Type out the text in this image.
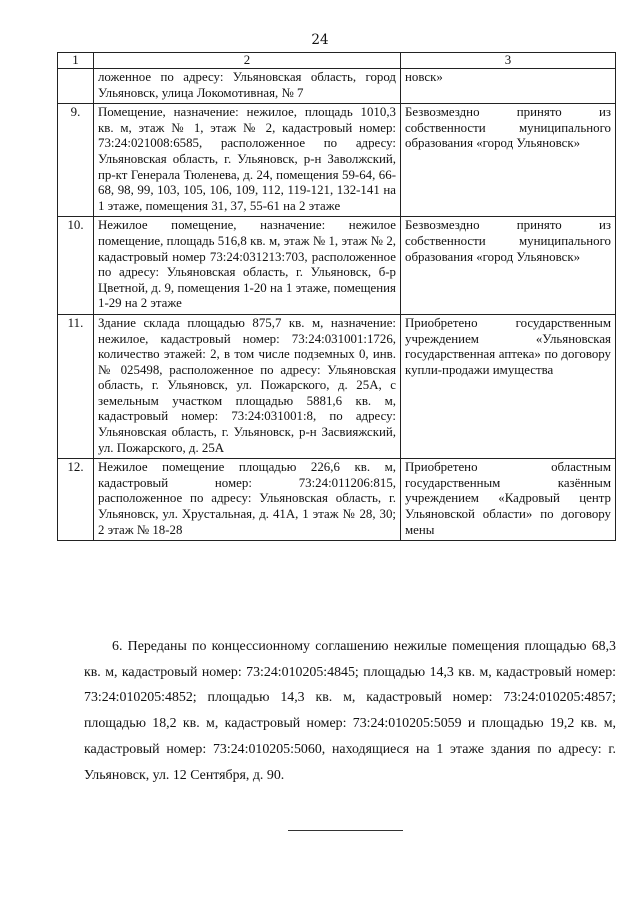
24
1	2	3
	ложенное по адресу: Ульяновская область, город Ульяновск, улица Локомотивная, № 7	новск»
9.	Помещение, назначение: нежилое, площадь 1010,3 кв. м, этаж № 1, этаж № 2, кадастровый номер: 73:24:021008:6585, расположенное по адресу: Ульяновская область, г. Ульяновск, р-н Заволжский, пр-кт Генерала Тюленева, д. 24, помещения 59-64, 66-68, 98, 99, 103, 105, 106, 109, 112, 119-121, 132-141 на 1 этаже, помещения 31, 37, 55-61 на 2 этаже	Безвозмездно принято из собственности муниципального образования «город Ульяновск»
10.	Нежилое помещение, назначение: нежилое помещение, площадь 516,8 кв. м, этаж № 1, этаж № 2, кадастровый номер 73:24:031213:703, расположенное по адресу: Ульяновская область, г. Ульяновск, б-р Цветной, д. 9, помещения 1-20 на 1 этаже, помещения 1-29 на 2 этаже	Безвозмездно принято из собственности муниципального образования «город Ульяновск»
11.	Здание склада площадью 875,7 кв. м, назначение: нежилое, кадастровый номер: 73:24:031001:1726, количество этажей: 2, в том числе подземных 0, инв. № 025498, расположенное по адресу: Ульяновская область, г. Ульяновск, ул. Пожарского, д. 25А, с земельным участком площадью 5881,6 кв. м, кадастровый номер: 73:24:031001:8, по адресу: Ульяновская область, г. Ульяновск, р-н Засвияжский, ул. Пожарского, д. 25А	Приобретено государственным учреждением «Ульяновская государственная аптека» по договору купли-продажи имущества
12.	Нежилое помещение площадью 226,6 кв. м, кадастровый номер: 73:24:011206:815, расположенное по адресу: Ульяновская область, г. Ульяновск, ул. Хрустальная, д. 41А, 1 этаж № 28, 30; 2 этаж № 18-28	Приобретено областным государственным казённым учреждением «Кадровый центр Ульяновской области» по договору мены

6. Переданы по концессионному соглашению нежилые помещения площадью 68,3 кв. м, кадастровый номер: 73:24:010205:4845; площадью 14,3 кв. м, кадастровый номер: 73:24:010205:4852; площадью 14,3 кв. м, кадастровый номер: 73:24:010205:4857; площадью 18,2 кв. м, кадастровый номер: 73:24:010205:5059 и площадью 19,2 кв. м, кадастровый номер: 73:24:010205:5060, находящиеся на 1 этаже здания по адресу: г. Ульяновск, ул. 12 Сентября, д. 90.
